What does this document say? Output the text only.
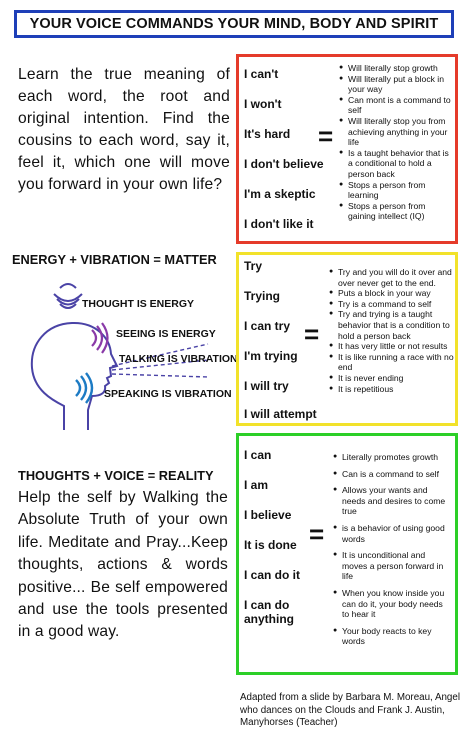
YOUR VOICE COMMANDS YOUR MIND, BODY AND SPIRIT
Learn the true meaning of each word, the root and original intention. Find the cousins to each word, say it, feel it, which one will move you forward in your own life?
ENERGY + VIBRATION = MATTER
THOUGHT IS ENERGY
SEEING IS ENERGY
TALKING IS VIBRATION
SPEAKING IS VIBRATION
THOUGHTS + VOICE = REALITY
Help the self by Walking the Absolute Truth of your own life. Meditate and Pray...Keep thoughts, actions & words positive... Be self empowered and use the tools presented in a good way.
I can't
I won't
It's hard
I don't believe
I'm a skeptic
I don't like it
=
● Will literally stop growth
● Will literally put a block in your way
● Can mont is a command to self
● Will literally stop you from achieving anything in your life
● Is a taught behavior that is a conditional to hold a person back
● Stops a person from learning
● Stops a person from gaining intellect (IQ)
Try
Trying
I can try
I'm trying
I will try
I will attempt
=
● Try and you will do it over and over never get to the end.
● Puts a block in your way
● Try is a command to self
● Try and trying is a taught behavior that is a condition to hold a person back
● It has very little or not results
● It is like running a race with no end
● It is never ending
● It is repetitious
I can
I am
I believe
It is done
I can do it
I can do anything
=
● Literally promotes growth
● Can is a command to self
● Allows your wants and needs and desires to come true
● is a behavior of using good words
● It is unconditional and moves a person forward in life
● When you know inside you can do it, your body needs to hear it
● Your body reacts to key words
Adapted from a slide by Barbara M. Moreau, Angel who dances on the Clouds and Frank J. Austin, Manyhorses (Teacher)
